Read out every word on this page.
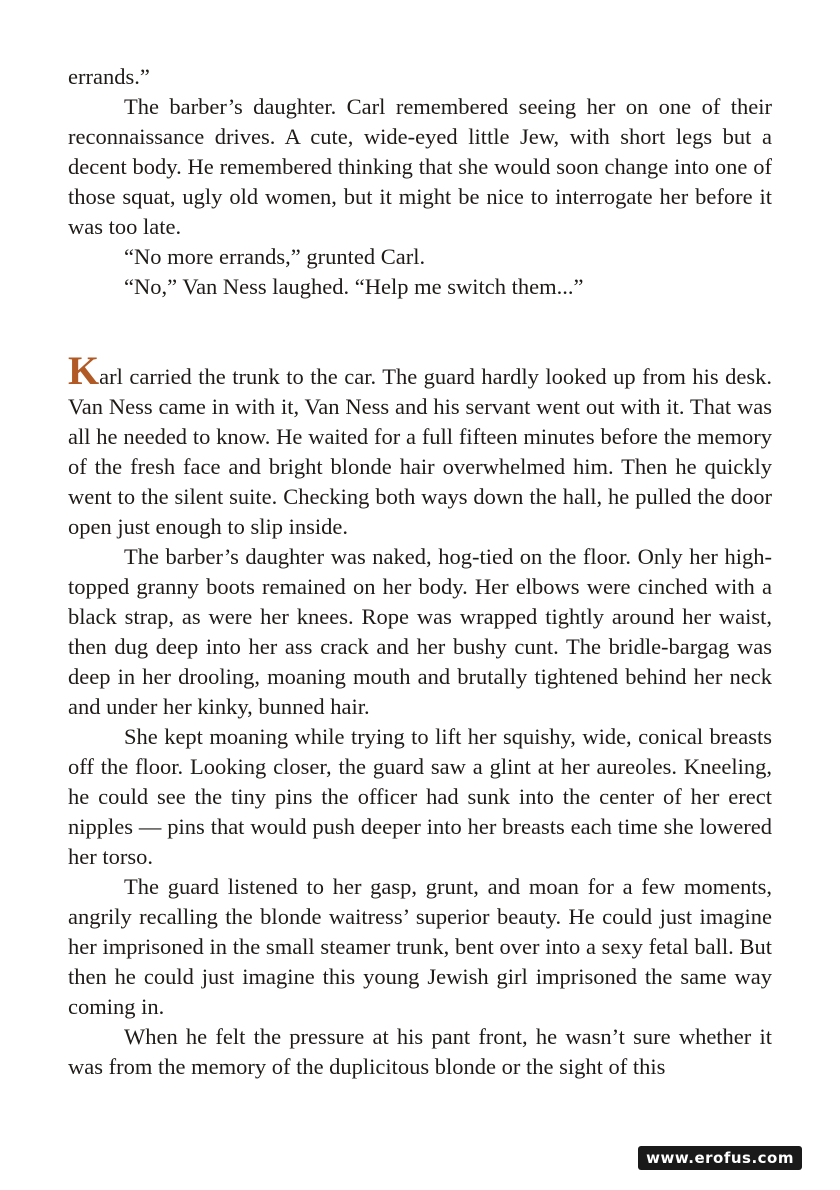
errands.”

The barber’s daughter. Carl remembered seeing her on one of their reconnaissance drives. A cute, wide-eyed little Jew, with short legs but a decent body. He remembered thinking that she would soon change into one of those squat, ugly old women, but it might be nice to interrogate her before it was too late.

“No more errands,” grunted Carl.

“No,” Van Ness laughed. “Help me switch them...”

Karl carried the trunk to the car. The guard hardly looked up from his desk. Van Ness came in with it, Van Ness and his servant went out with it. That was all he needed to know. He waited for a full fifteen minutes before the memory of the fresh face and bright blonde hair overwhelmed him. Then he quickly went to the silent suite. Checking both ways down the hall, he pulled the door open just enough to slip inside.

The barber’s daughter was naked, hog-tied on the floor. Only her high-topped granny boots remained on her body. Her elbows were cinched with a black strap, as were her knees. Rope was wrapped tightly around her waist, then dug deep into her ass crack and her bushy cunt. The bridle-bargag was deep in her drooling, moaning mouth and brutally tightened behind her neck and under her kinky, bunned hair.

She kept moaning while trying to lift her squishy, wide, conical breasts off the floor. Looking closer, the guard saw a glint at her aureoles. Kneeling, he could see the tiny pins the officer had sunk into the center of her erect nipples — pins that would push deeper into her breasts each time she lowered her torso.

The guard listened to her gasp, grunt, and moan for a few moments, angrily recalling the blonde waitress’ superior beauty. He could just imagine her imprisoned in the small steamer trunk, bent over into a sexy fetal ball. But then he could just imagine this young Jewish girl imprisoned the same way coming in.

When he felt the pressure at his pant front, he wasn’t sure whether it was from the memory of the duplicitous blonde or the sight of this

www.erofus.com
